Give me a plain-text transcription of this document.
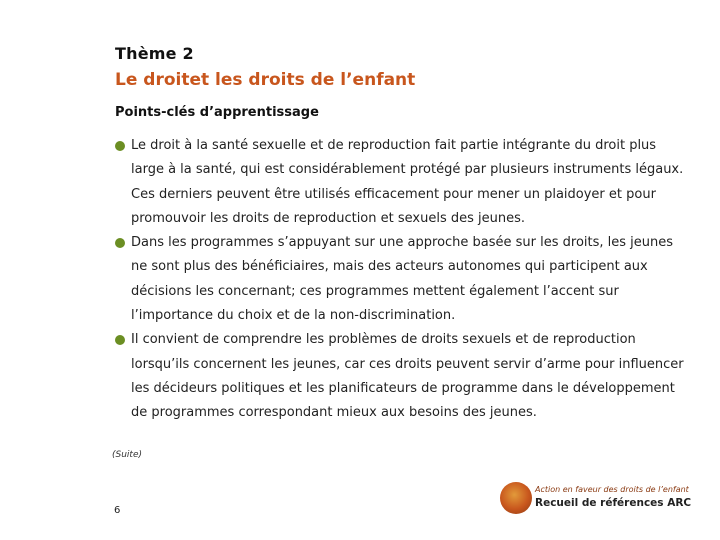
Thème 2
Le droitet les droits de l’enfant
Points-clés d’apprentissage
Le droit à la santé sexuelle et de reproduction fait partie intégrante du droit plus large à la santé, qui est considérablement protégé par plusieurs instruments légaux. Ces derniers peuvent être utilisés efficacement pour mener un plaidoyer et pour promouvoir les droits de reproduction et sexuels des jeunes.
Dans les programmes s’appuyant sur une approche basée sur les droits, les jeunes ne sont plus des bénéficiaires, mais des acteurs autonomes qui participent aux décisions les concernant; ces programmes mettent également l’accent sur l’importance du choix et de la non-discrimination.
Il convient de comprendre les problèmes de droits sexuels et de reproduction lorsqu’ils concernent les jeunes, car ces droits peuvent servir d’arme pour influencer les décideurs politiques et les planificateurs de programme dans le développement de programmes correspondant mieux aux besoins des jeunes.
(Suite)
6
Action en faveur des droits de l’enfant
Recueil de références ARC
